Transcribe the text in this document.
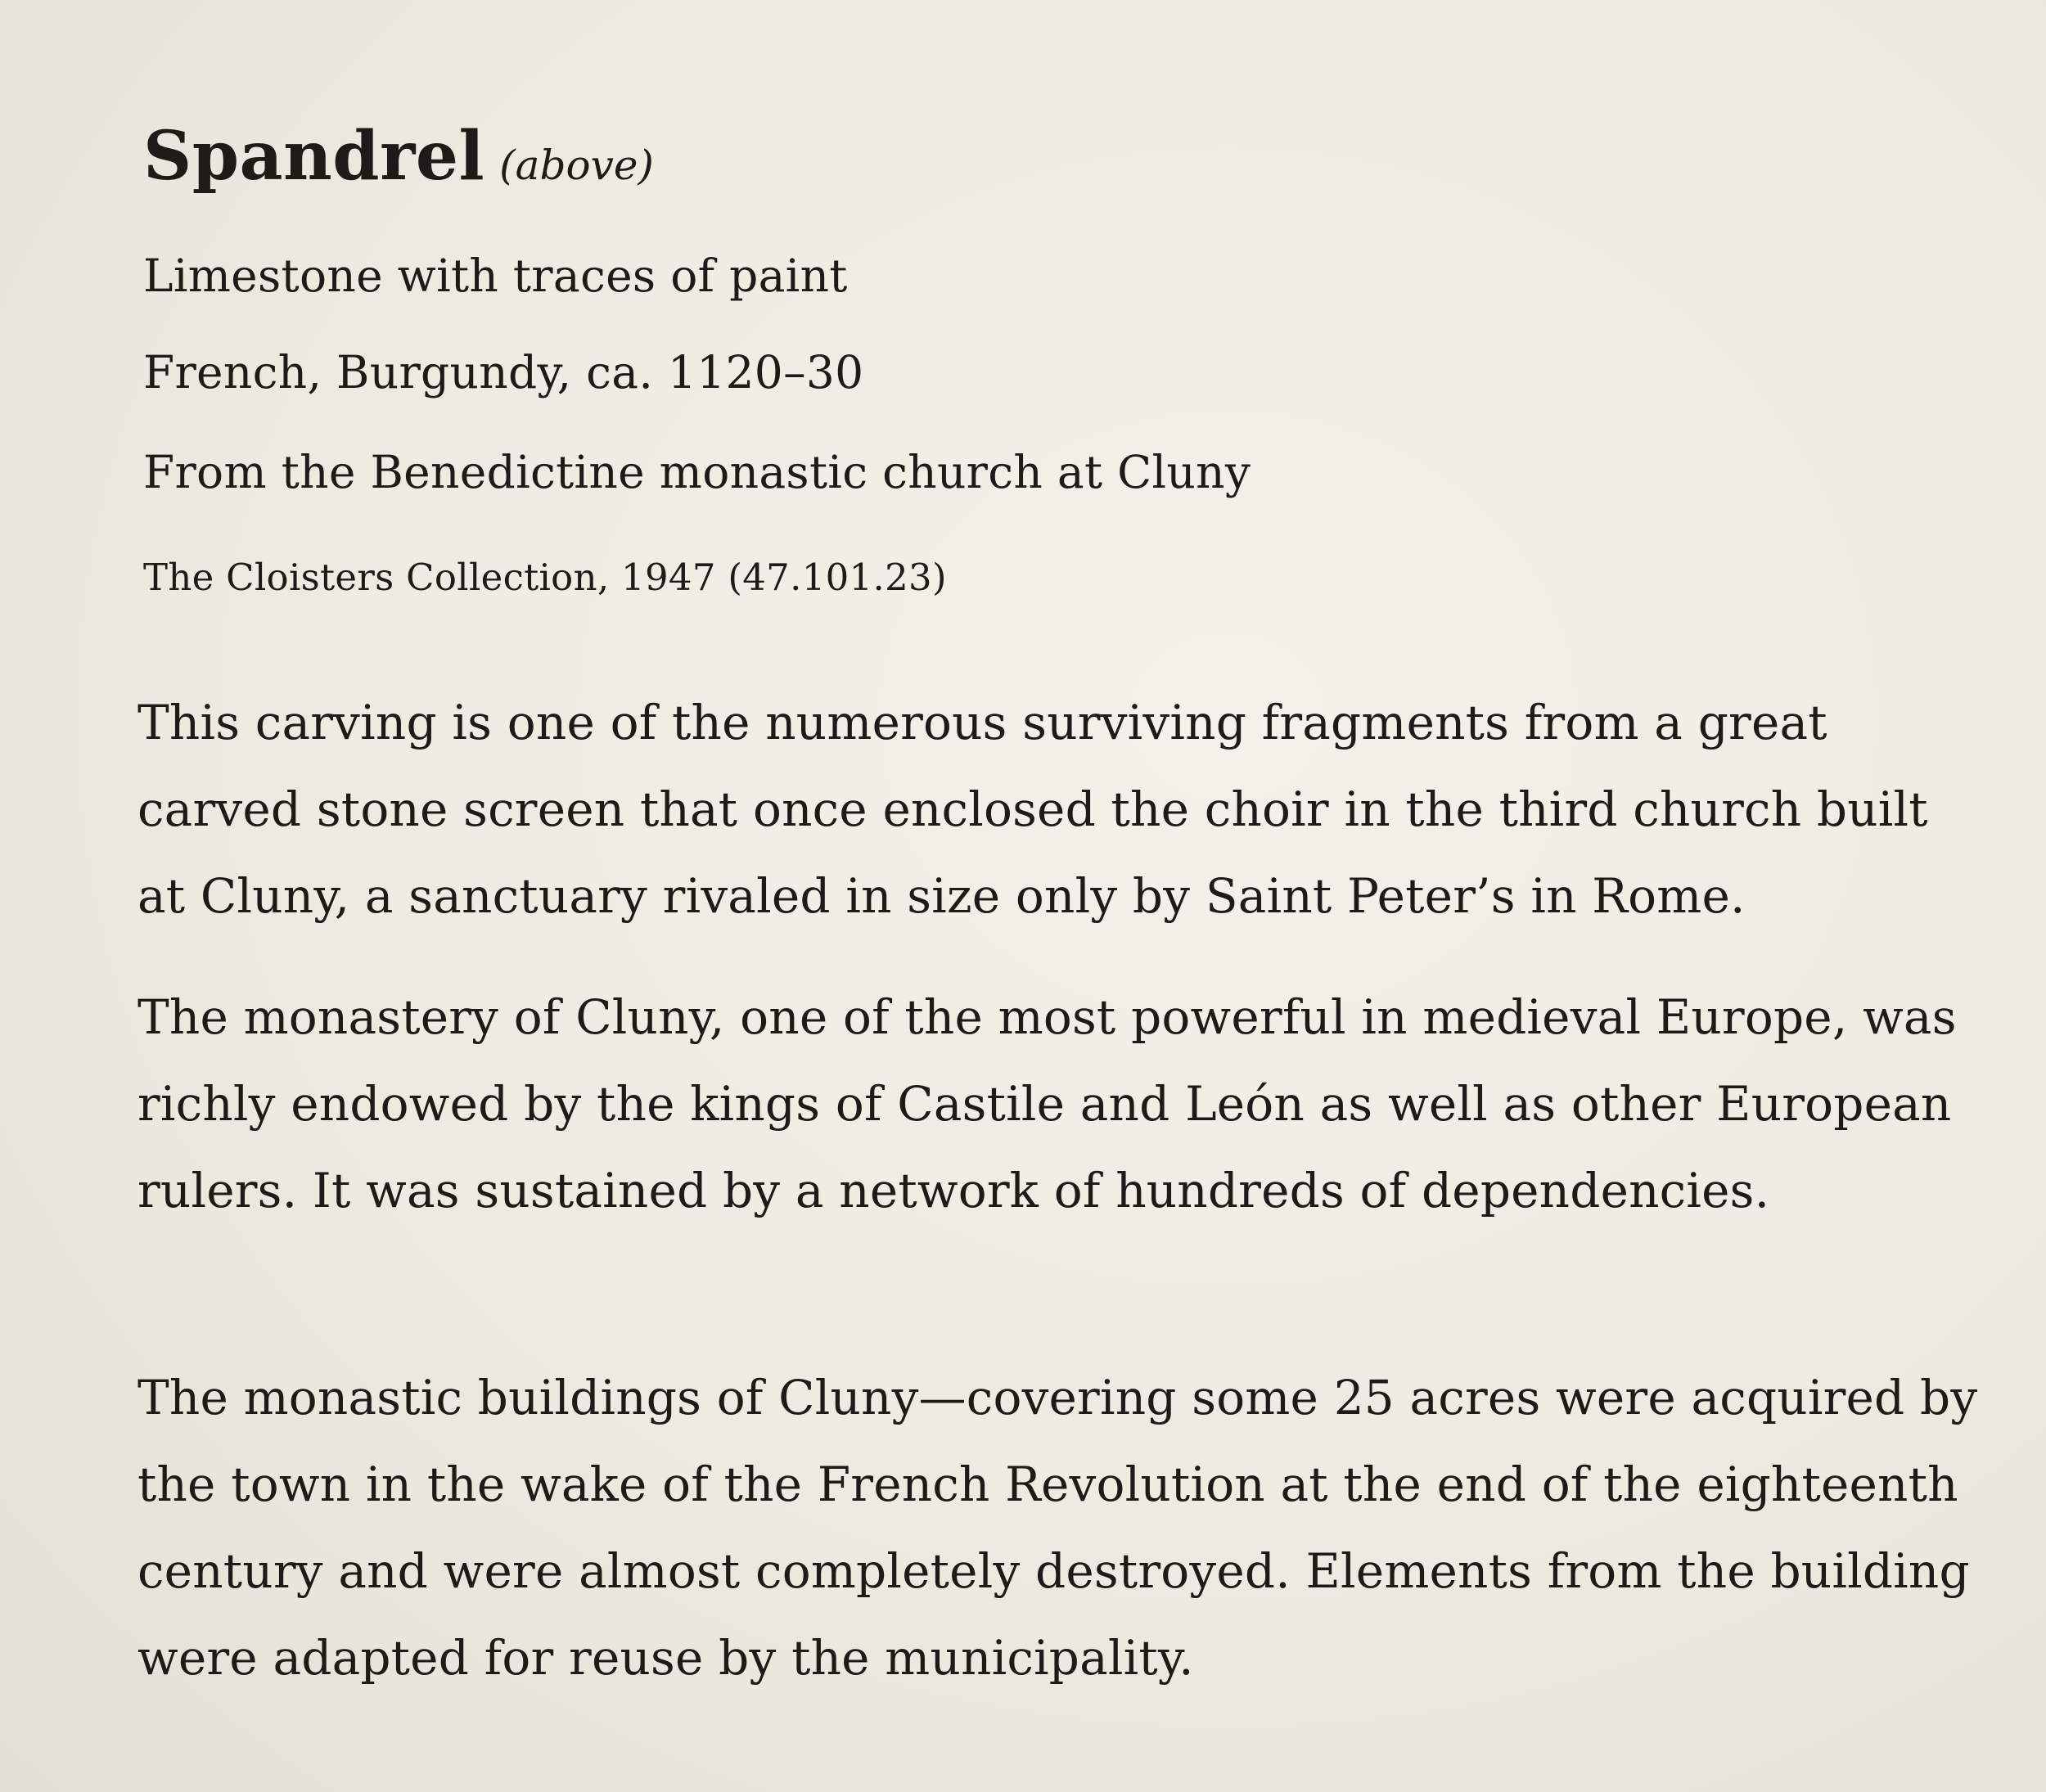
Spandrel (above)
Limestone with traces of paint
French, Burgundy, ca. 1120–30
From the Benedictine monastic church at Cluny
The Cloisters Collection, 1947 (47.101.23)

This carving is one of the numerous surviving fragments from a great carved stone screen that once enclosed the choir in the third church built at Cluny, a sanctuary rivaled in size only by Saint Peter’s in Rome.

The monastery of Cluny, one of the most powerful in medieval Europe, was richly endowed by the kings of Castile and León as well as other European rulers. It was sustained by a network of hundreds of dependencies.

The monastic buildings of Cluny—covering some 25 acres were acquired by the town in the wake of the French Revolution at the end of the eighteenth century and were almost completely destroyed. Elements from the building were adapted for reuse by the municipality.
